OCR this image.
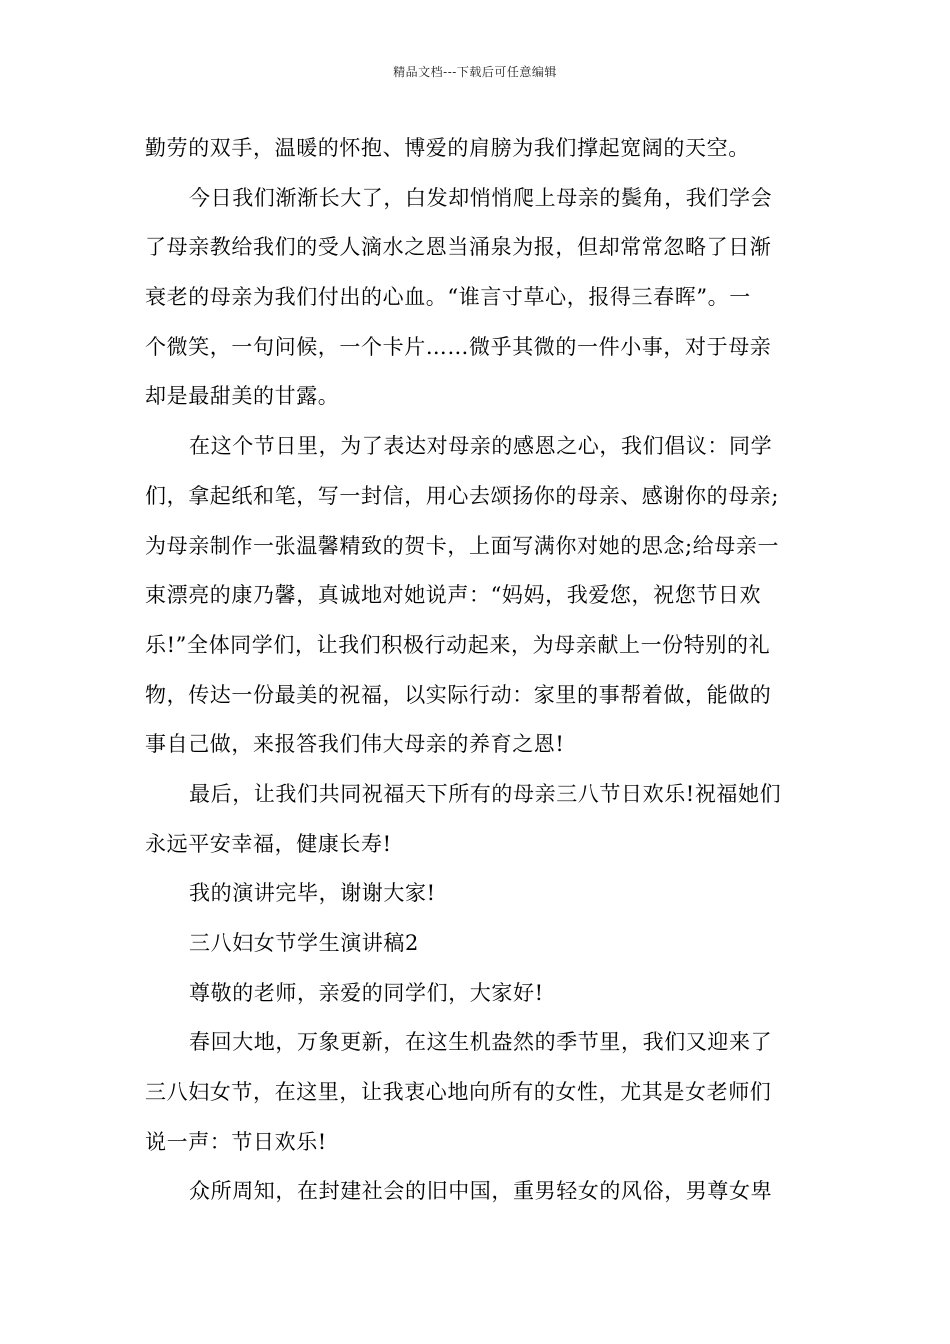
精品文档---下载后可任意编辑
勤劳的双手，温暖的怀抱、博爱的肩膀为我们撑起宽阔的天空。
今日我们渐渐长大了，白发却悄悄爬上母亲的鬓角，我们学会
了母亲教给我们的受人滴水之恩当涌泉为报，但却常常忽略了日渐
衰老的母亲为我们付出的心血。“谁言寸草心，报得三春晖”。一
个微笑，一句问候，一个卡片……微乎其微的一件小事，对于母亲
却是最甜美的甘露。
在这个节日里，为了表达对母亲的感恩之心，我们倡议：同学
们，拿起纸和笔，写一封信，用心去颂扬你的母亲、感谢你的母亲;
为母亲制作一张温馨精致的贺卡，上面写满你对她的思念;给母亲一
束漂亮的康乃馨，真诚地对她说声：“妈妈，我爱您，祝您节日欢
乐!”全体同学们，让我们积极行动起来，为母亲献上一份特别的礼
物，传达一份最美的祝福，以实际行动：家里的事帮着做，能做的
事自己做，来报答我们伟大母亲的养育之恩!
最后，让我们共同祝福天下所有的母亲三八节日欢乐!祝福她们
永远平安幸福，健康长寿!
我的演讲完毕，谢谢大家!
三八妇女节学生演讲稿2
尊敬的老师，亲爱的同学们，大家好!
春回大地，万象更新，在这生机盎然的季节里，我们又迎来了
三八妇女节，在这里，让我衷心地向所有的女性，尤其是女老师们
说一声：节日欢乐!
众所周知，在封建社会的旧中国，重男轻女的风俗，男尊女卑
